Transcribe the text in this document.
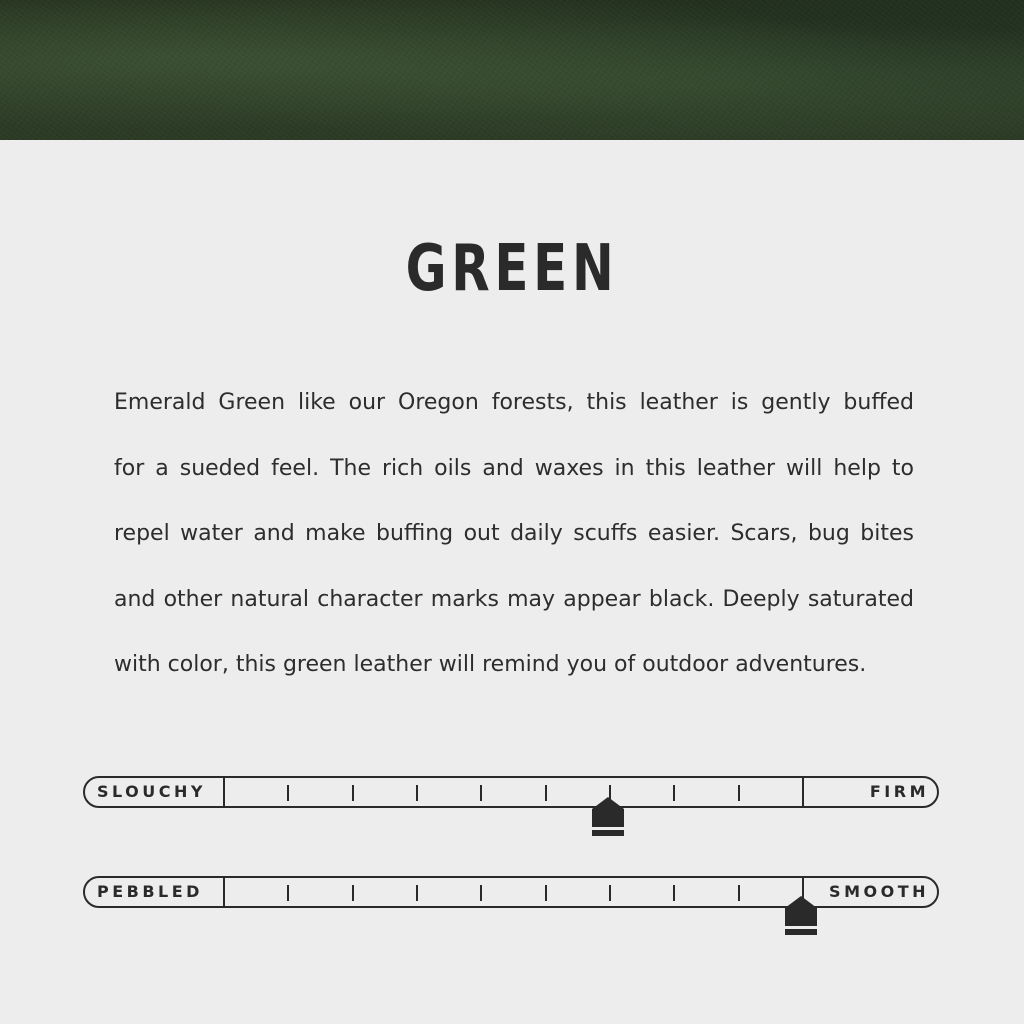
GREEN

Emerald Green like our Oregon forests, this leather is gently buffed
for a sueded feel. The rich oils and waxes in this leather will help to
repel water and make buffing out daily scuffs easier. Scars, bug bites
and other natural character marks may appear black. Deeply saturated
with color, this green leather will remind you of outdoor adventures.

SLOUCHY	FIRM
PEBBLED	SMOOTH
